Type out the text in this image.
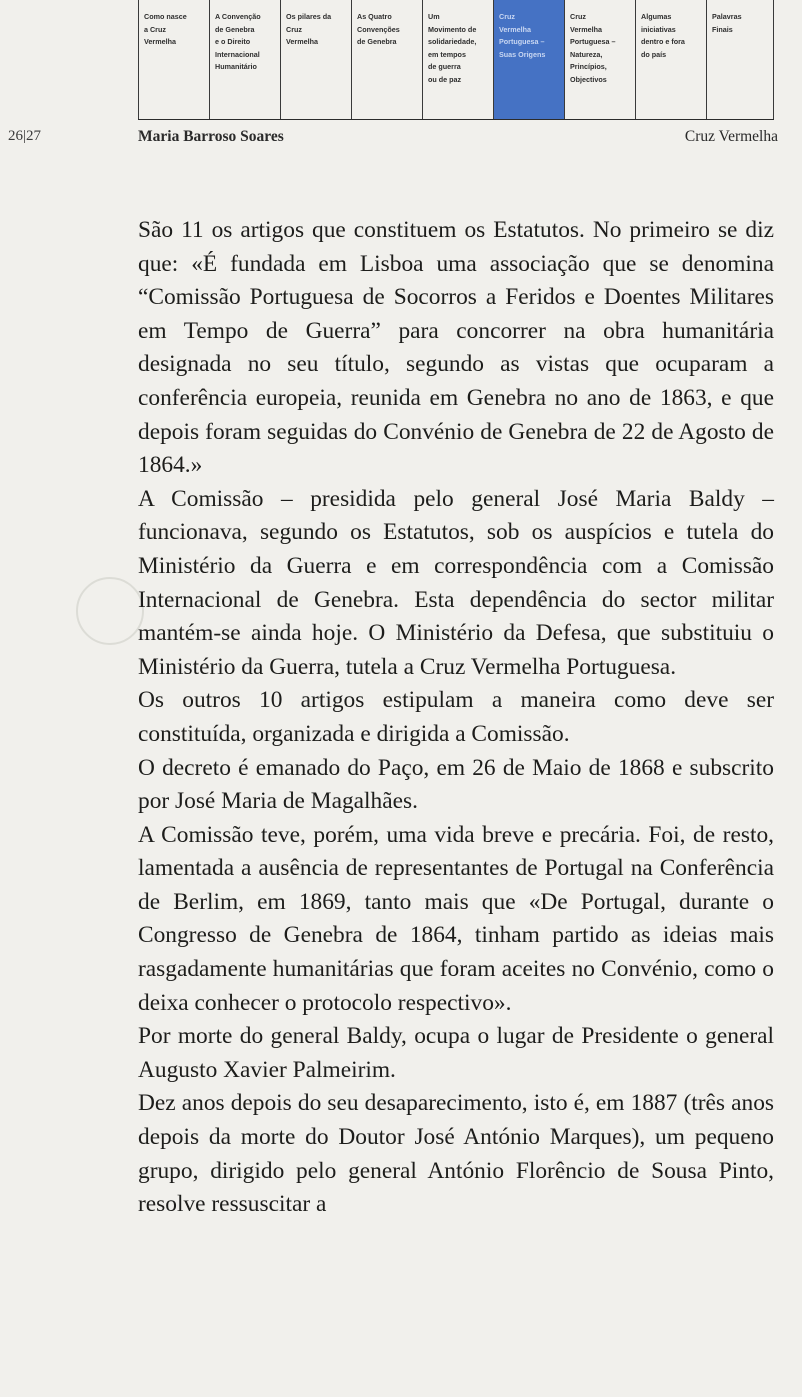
Como nasce
a Cruz
Vermelha
A Convenção
de Genebra
e o Direito
Internacional
Humanitário
Os pilares da
Cruz
Vermelha
As Quatro
Convenções
de Genebra
Um
Movimento de
solidariedade,
em tempos
de guerra
ou de paz
Cruz
Vermelha
Portuguesa –
Suas Origens
Cruz
Vermelha
Portuguesa –
Natureza,
Princípios,
Objectivos
Algumas
iniciativas
dentro e fora
do país
Palavras
Finais
26|27	Maria Barroso Soares	Cruz Vermelha

São 11 os artigos que constituem os Estatutos. No primeiro se diz que: «É fundada em Lisboa uma associação que se denomina “Comissão Portuguesa de Socorros a Feridos e Doentes Militares em Tempo de Guerra” para concorrer na obra humanitária designada no seu título, segundo as vistas que ocuparam a conferência europeia, reunida em Genebra no ano de 1863, e que depois foram seguidas do Convénio de Genebra de 22 de Agosto de 1864.»

A Comissão – presidida pelo general José Maria Baldy – funcionava, segundo os Estatutos, sob os auspícios e tutela do Ministério da Guerra e em correspondência com a Comissão Internacional de Genebra. Esta dependência do sector militar mantém-se ainda hoje. O Ministério da Defesa, que substituiu o Ministério da Guerra, tutela a Cruz Vermelha Portuguesa.

Os outros 10 artigos estipulam a maneira como deve ser constituída, organizada e dirigida a Comissão.

O decreto é emanado do Paço, em 26 de Maio de 1868 e subscrito por José Maria de Magalhães.

A Comissão teve, porém, uma vida breve e precária. Foi, de resto, lamentada a ausência de representantes de Portugal na Conferência de Berlim, em 1869, tanto mais que «De Portugal, durante o Congresso de Genebra de 1864, tinham partido as ideias mais rasgadamente humanitárias que foram aceites no Convénio, como o deixa conhecer o protocolo respectivo».

Por morte do general Baldy, ocupa o lugar de Presidente o general Augusto Xavier Palmeirim.

Dez anos depois do seu desaparecimento, isto é, em 1887 (três anos depois da morte do Doutor José António Marques), um pequeno grupo, dirigido pelo general António Florêncio de Sousa Pinto, resolve ressuscitar a
